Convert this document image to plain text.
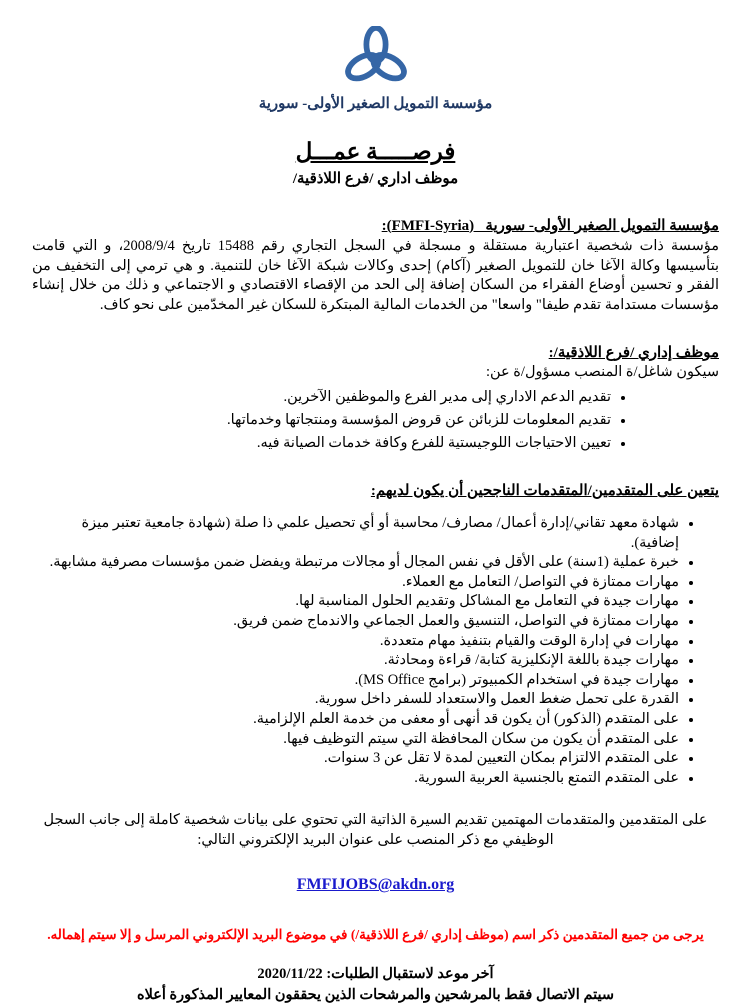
مؤسسة التمويل الصغير الأولى- سورية
فرصـــــة عمـــل
موظف اداري /فرع اللاذقية/
مؤسسة التمويل الصغير الأولى- سورية   (FMFI-Syria):
مؤسسة ذات شخصية اعتبارية مستقلة و مسجلة في السجل التجاري رقم 15488 تاريخ 2008/9/4، و التي قامت بتأسيسها وكالة الآغا خان للتمويل الصغير (آكام) إحدى وكالات شبكة الآغا خان للتنمية. و هي ترمي إلى التخفيف من الفقر و تحسين أوضاع الفقراء من السكان إضافة إلى الحد من الإقصاء الاقتصادي و الاجتماعي و ذلك من خلال إنشاء مؤسسات مستدامة تقدم طيفا" واسعا" من الخدمات المالية المبتكرة للسكان غير المخدّمين على نحو كاف.
موظف إداري /فرع اللاذقية/:
سيكون شاغل/ة المنصب مسؤول/ة عن:
• تقديم الدعم الاداري إلى مدير الفرع والموظفين الآخرين.
• تقديم المعلومات للزبائن عن قروض المؤسسة ومنتجاتها وخدماتها.
• تعيين الاحتياجات اللوجيستية للفرع وكافة خدمات الصيانة فيه.
يتعين على المتقدمين/المتقدمات الناجحين أن يكون لديهم:
• شهادة معهد تقاني/إدارة أعمال/ مصارف/ محاسبة أو أي تحصيل علمي ذا صلة (شهادة جامعية تعتبر ميزة إضافية).
• خبرة عملية (1سنة) على الأقل في نفس المجال أو مجالات مرتبطة ويفضل ضمن مؤسسات مصرفية مشابهة.
• مهارات ممتازة في التواصل/ التعامل مع العملاء.
• مهارات جيدة في التعامل مع المشاكل وتقديم الحلول المناسبة لها.
• مهارات ممتازة في التواصل، التنسيق والعمل الجماعي والاندماج ضمن فريق.
• مهارات في إدارة الوقت والقيام بتنفيذ مهام متعددة.
• مهارات جيدة باللغة الإنكليزية كتابة/ قراءة ومحادثة.
• مهارات جيدة في استخدام الكمبيوتر (برامج MS Office).
• القدرة على تحمل ضغط العمل والاستعداد للسفر داخل سورية.
• على المتقدم (الذكور) أن يكون قد أنهى أو معفى من خدمة العلم الإلزامية.
• على المتقدم أن يكون من سكان المحافظة التي سيتم التوظيف فيها.
• على المتقدم الالتزام بمكان التعيين لمدة لا تقل عن 3 سنوات.
• على المتقدم التمتع بالجنسية العربية السورية.
على المتقدمين والمتقدمات المهتمين تقديم السيرة الذاتية التي تحتوي على بيانات شخصية كاملة إلى جانب السجل الوظيفي مع ذكر المنصب على عنوان البريد الإلكتروني التالي:
FMFIJOBS@akdn.org
يرجى من جميع المتقدمين ذكر اسم (موظف إداري /فرع اللاذقية/) في موضوع البريد الإلكتروني المرسل و إلا سيتم إهماله.
آخر موعد لاستقبال الطلبات: 2020/11/22
سيتم الاتصال فقط بالمرشحين والمرشحات الذين يحققون المعايير المذكورة أعلاه
